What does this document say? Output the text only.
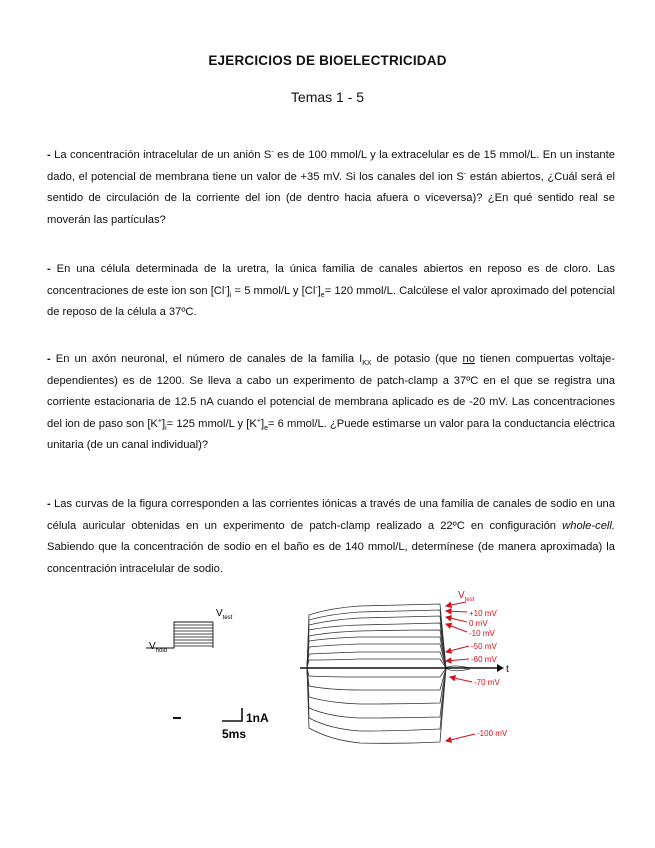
EJERCICIOS DE BIOELECTRICIDAD
Temas 1 - 5
- La concentración intracelular de un anión S- es de 100 mmol/L y la extracelular es de 15 mmol/L. En un instante dado, el potencial de membrana tiene un valor de +35 mV. Si los canales del ion S- están abiertos, ¿Cuál será el sentido de circulación de la corriente del ion (de dentro hacia afuera o viceversa)? ¿En qué sentido real se moverán las partículas?
- En una célula determinada de la uretra, la única familia de canales abiertos en reposo es de cloro. Las concentraciones de este ion son $[Cl^-]_i = 5$ mmol/L y $[Cl^-]_e= 120$ mmol/L. Calcúlese el valor aproximado del potencial de reposo de la célula a 37ºC.
- En un axón neuronal, el número de canales de la familia $I_{KX}$ de potasio (que no tienen compuertas voltaje-dependientes) es de 1200. Se lleva a cabo un experimento de patch-clamp a 37ºC en el que se registra una corriente estacionaria de 12.5 nA cuando el potencial de membrana aplicado es de -20 mV. Las concentraciones del ion de paso son $[K^+]_i= 125$ mmol/L y $[K^+]_e= 6$ mmol/L. ¿Puede estimarse un valor para la conductancia eléctrica unitaria (de un canal individual)?
- Las curvas de la figura corresponden a las corrientes iónicas a través de una familia de canales de sodio en una célula auricular obtenidas en un experimento de patch-clamp realizado a 22ºC en configuración whole-cell. Sabiendo que la concentración de sodio en el baño es de 140 mmol/L, determínese (de manera aproximada) la concentración intracelular de sodio.
$V_{test}$
$V_{hold}$
1nA
5ms
t
$V_{test}$
+10 mV
0 mV
-10 mV
-50 mV
-60 mV
-70 mV
-100 mV
